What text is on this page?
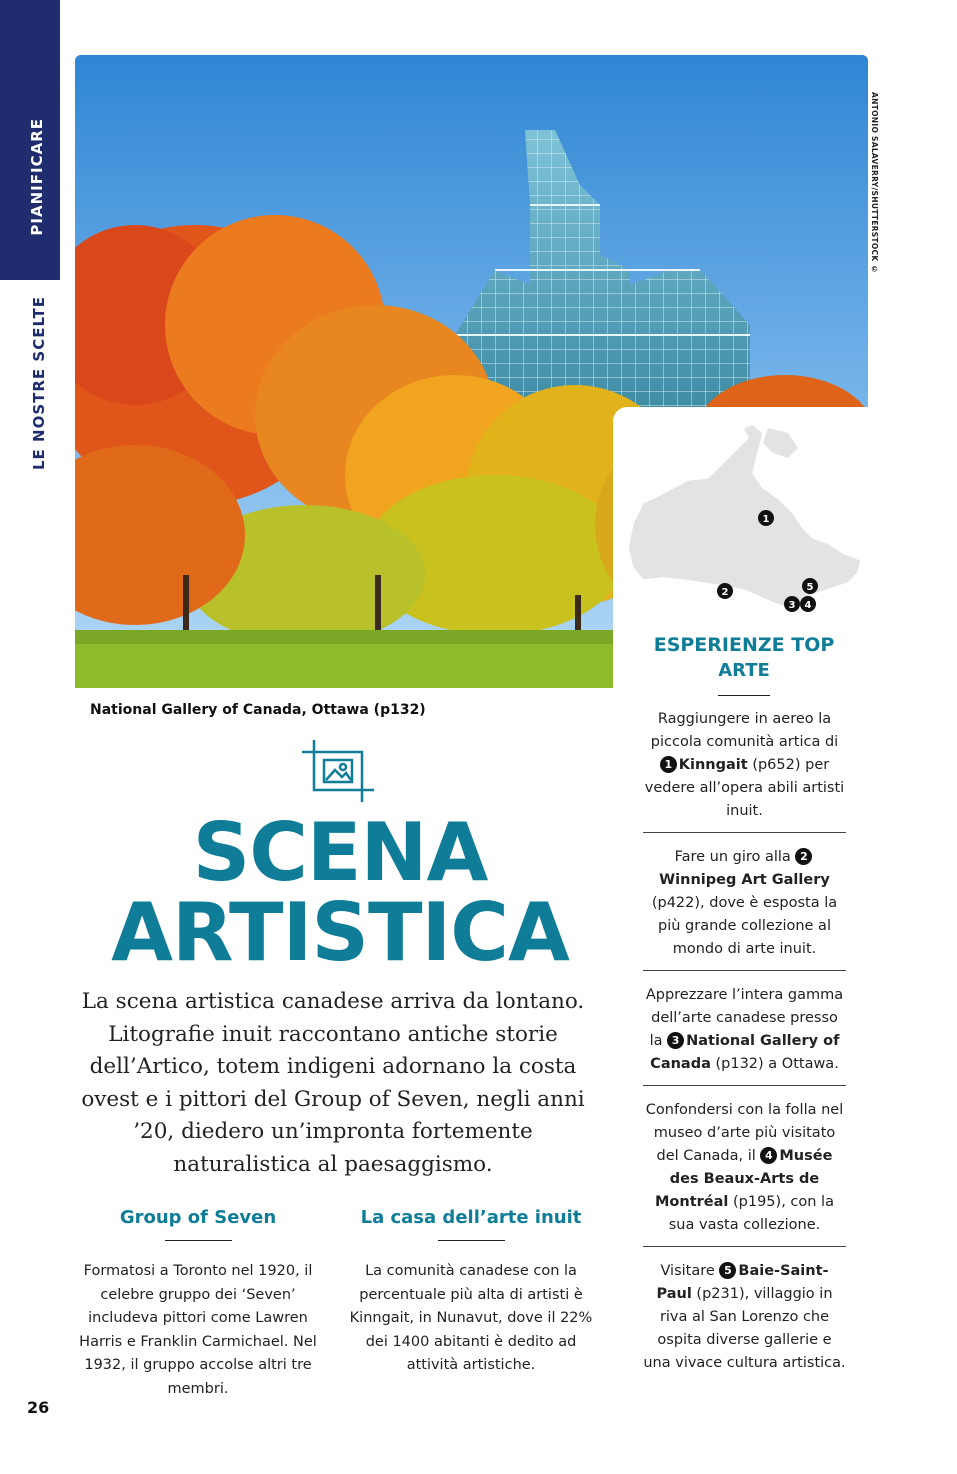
PIANIFICARE
LE NOSTRE SCELTE
ANTONIO SALAVERRY/SHUTTERSTOCK ©
National Gallery of Canada, Ottawa (p132)
1
2
3 4
5
ESPERIENZE TOP
ARTE
Raggiungere in aereo la piccola comunità artica di 1 Kinngait (p652) per vedere all’opera abili artisti inuit.
Fare un giro alla 2Winnipeg Art Gallery (p422), dove è esposta la più grande collezione al mondo di arte inuit.
Apprezzare l’intera gamma dell’arte canadese presso la 3 National Gallery of Canada (p132) a Ottawa.
Confondersi con la folla nel museo d’arte più visitato del Canada, il 4 Musée des Beaux-Arts de Montréal (p195), con la sua vasta collezione.
Visitare 5 Baie-Saint-Paul (p231), villaggio in riva al San Lorenzo che ospita diverse gallerie e una vivace cultura artistica.
SCENA
ARTISTICA
La scena artistica canadese arriva da lontano. Litografie inuit raccontano antiche storie dell’Artico, totem indigeni adornano la costa ovest e i pittori del Group of Seven, negli anni ’20, diedero un’impronta fortemente naturalistica al paesaggismo.
Group of Seven
Formatosi a Toronto nel 1920, il celebre gruppo dei ‘Seven’ includeva pittori come Lawren Harris e Franklin Carmichael. Nel 1932, il gruppo accolse altri tre membri.
La casa dell’arte inuit
La comunità canadese con la percentuale più alta di artisti è Kinngait, in Nunavut, dove il 22% dei 1400 abitanti è dedito ad attività artistiche.
26
